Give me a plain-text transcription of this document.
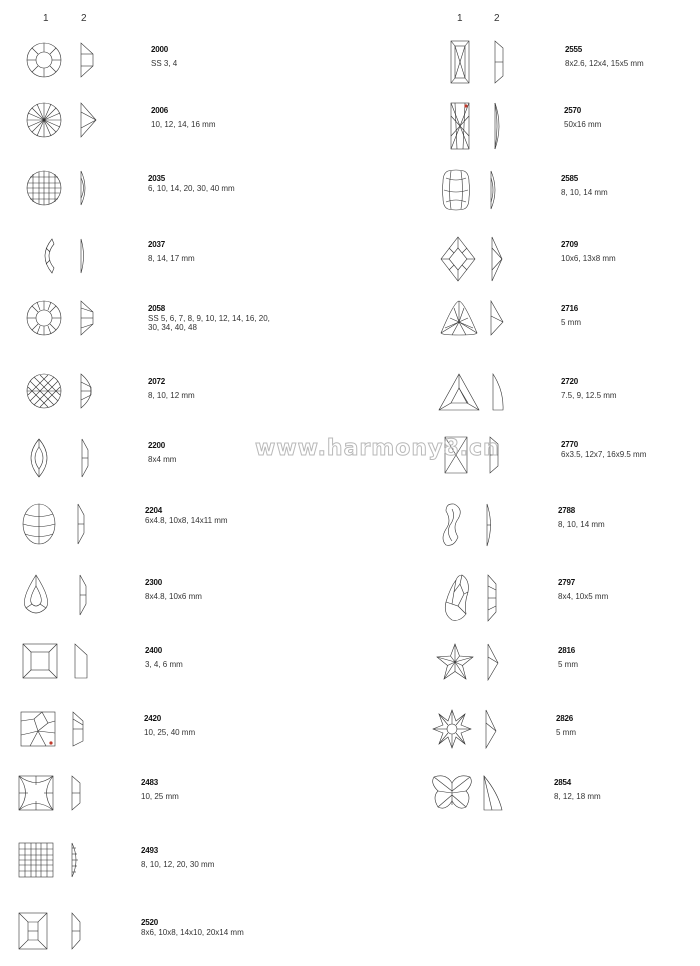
1	2	1	2
2000
SS 3, 4
2006
10, 12, 14, 16 mm
2035
6, 10, 14, 20, 30, 40 mm
2037
8, 14, 17 mm
2058
SS 5, 6, 7, 8, 9, 10, 12, 14, 16, 20,
30, 34, 40, 48
2072
8, 10, 12 mm
2200
8x4 mm
2204
6x4.8, 10x8, 14x11 mm
2300
8x4.8, 10x6 mm
2400
3, 4, 6 mm
2420
10, 25, 40 mm
2483
10, 25 mm
2493
8, 10, 12, 20, 30 mm
2520
8x6, 10x8, 14x10, 20x14 mm
2555
8x2.6, 12x4, 15x5 mm
2570
50x16 mm
2585
8, 10, 14 mm
2709
10x6, 13x8 mm
2716
5 mm
2720
7.5, 9, 12.5 mm
2770
6x3.5, 12x7, 16x9.5 mm
2788
8, 10, 14 mm
2797
8x4, 10x5 mm
2816
5 mm
2826
5 mm
2854
8, 12, 18 mm
www.harmony8.cn
